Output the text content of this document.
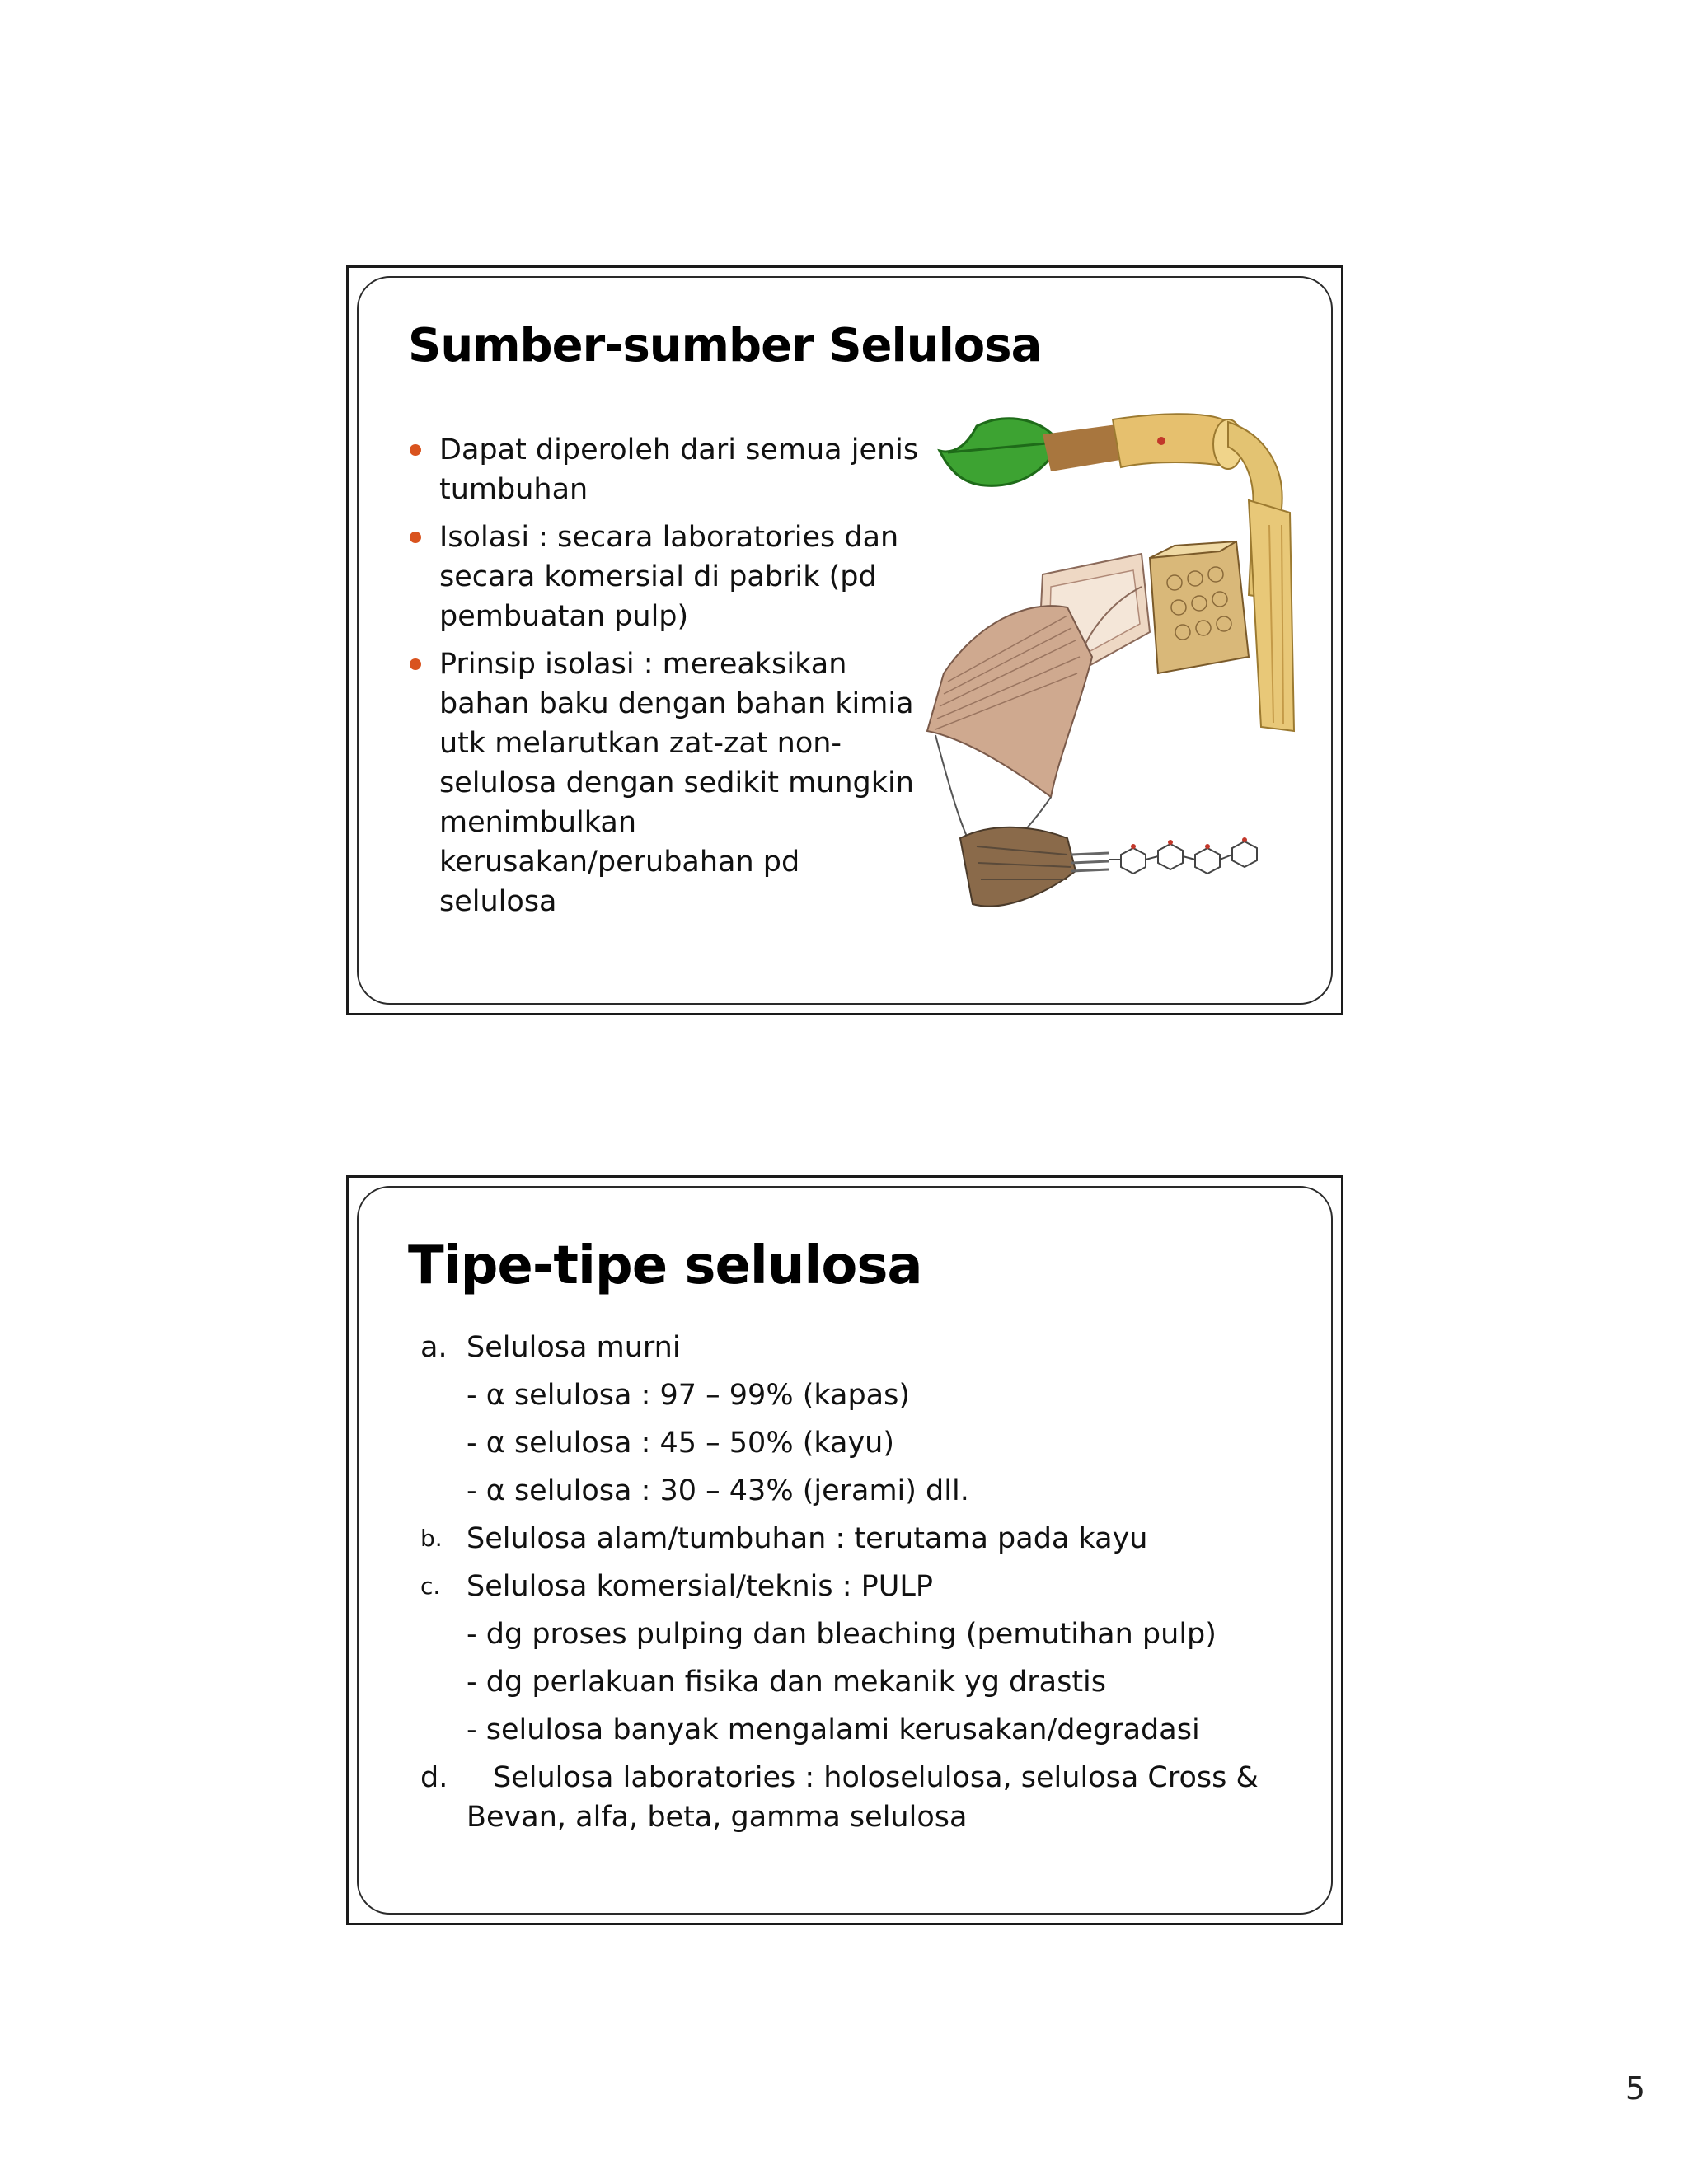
Sumber-sumber Selulosa
Dapat diperoleh dari semua jenis tumbuhan
Isolasi : secara laboratories dan secara komersial di pabrik (pd pembuatan pulp)
Prinsip isolasi : mereaksikan bahan baku dengan bahan kimia utk melarutkan zat-zat non-selulosa dengan sedikit mungkin menimbulkan kerusakan/perubahan pd selulosa
Tipe-tipe selulosa
a. Selulosa murni
- α selulosa : 97 – 99% (kapas)
- α selulosa : 45 – 50% (kayu)
- α selulosa : 30 – 43% (jerami) dll.
b. Selulosa alam/tumbuhan : terutama pada kayu
c. Selulosa komersial/teknis : PULP
- dg proses pulping dan bleaching (pemutihan pulp)
- dg perlakuan fisika dan mekanik yg drastis
- selulosa banyak mengalami kerusakan/degradasi
d. Selulosa laboratories : holoselulosa, selulosa Cross & Bevan, alfa, beta, gamma selulosa
5
